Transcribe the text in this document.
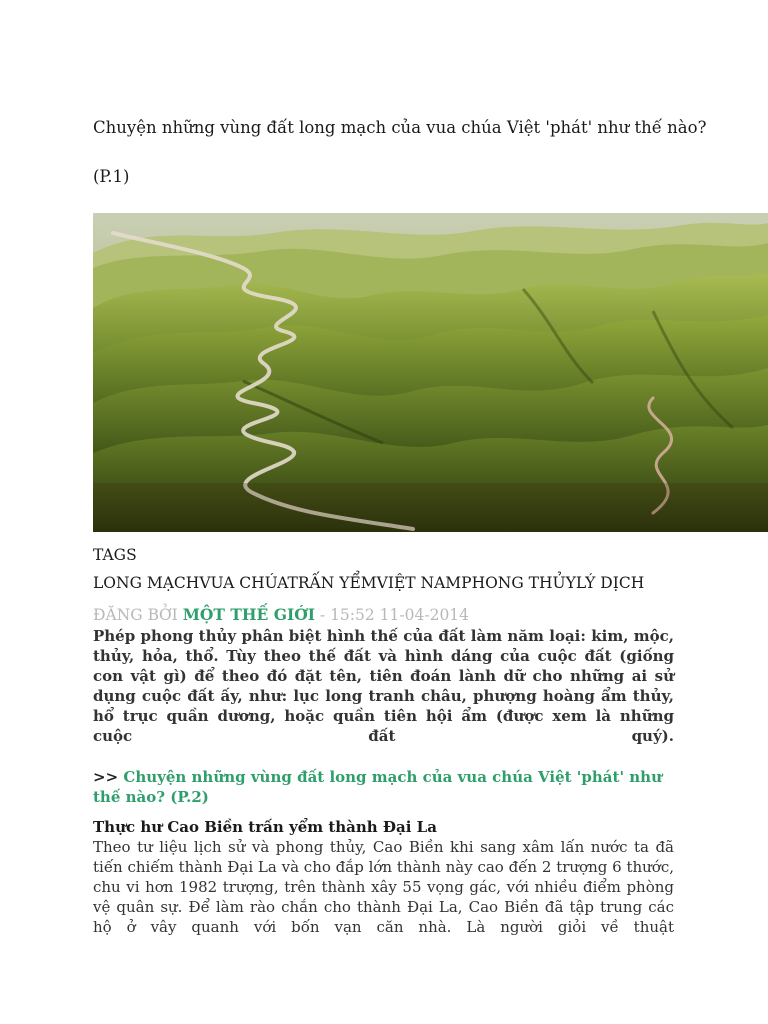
Chuyện những vùng đất long mạch của vua chúa Việt 'phát' như thế nào?
(P.1)
TAGS
LONG MẠCHVUA CHÚATRẤN YỂMVIỆT NAMPHONG THỦYLÝ DỊCH
ĐĂNG BỞI MỘT THẾ GIỚI - 15:52 11-04-2014
Phép phong thủy phân biệt hình thế của đất làm năm loại: kim, mộc, thủy, hỏa, thổ. Tùy theo thế đất và hình dáng của cuộc đất (giống con vật gì) để theo đó đặt tên, tiên đoán lành dữ cho những ai sử dụng cuộc đất ấy, như: lục long tranh châu, phượng hoàng ẩm thủy, hổ trục quần dương, hoặc quần tiên hội ẩm (được xem là những cuộc đất quý).
>> Chuyện những vùng đất long mạch của vua chúa Việt 'phát' như thế nào? (P.2)
Thực hư Cao Biền trấn yểm thành Đại La
Theo tư liệu lịch sử và phong thủy, Cao Biền khi sang xâm lấn nước ta đã tiến chiếm thành Đại La và cho đắp lớn thành này cao đến 2 trượng 6 thước, chu vi hơn 1982 trượng, trên thành xây 55 vọng gác, với nhiều điểm phòng vệ quân sự. Để làm rào chắn cho thành Đại La, Cao Biền đã tập trung các hộ ở vây quanh với bốn vạn căn nhà. Là người giỏi về thuật
